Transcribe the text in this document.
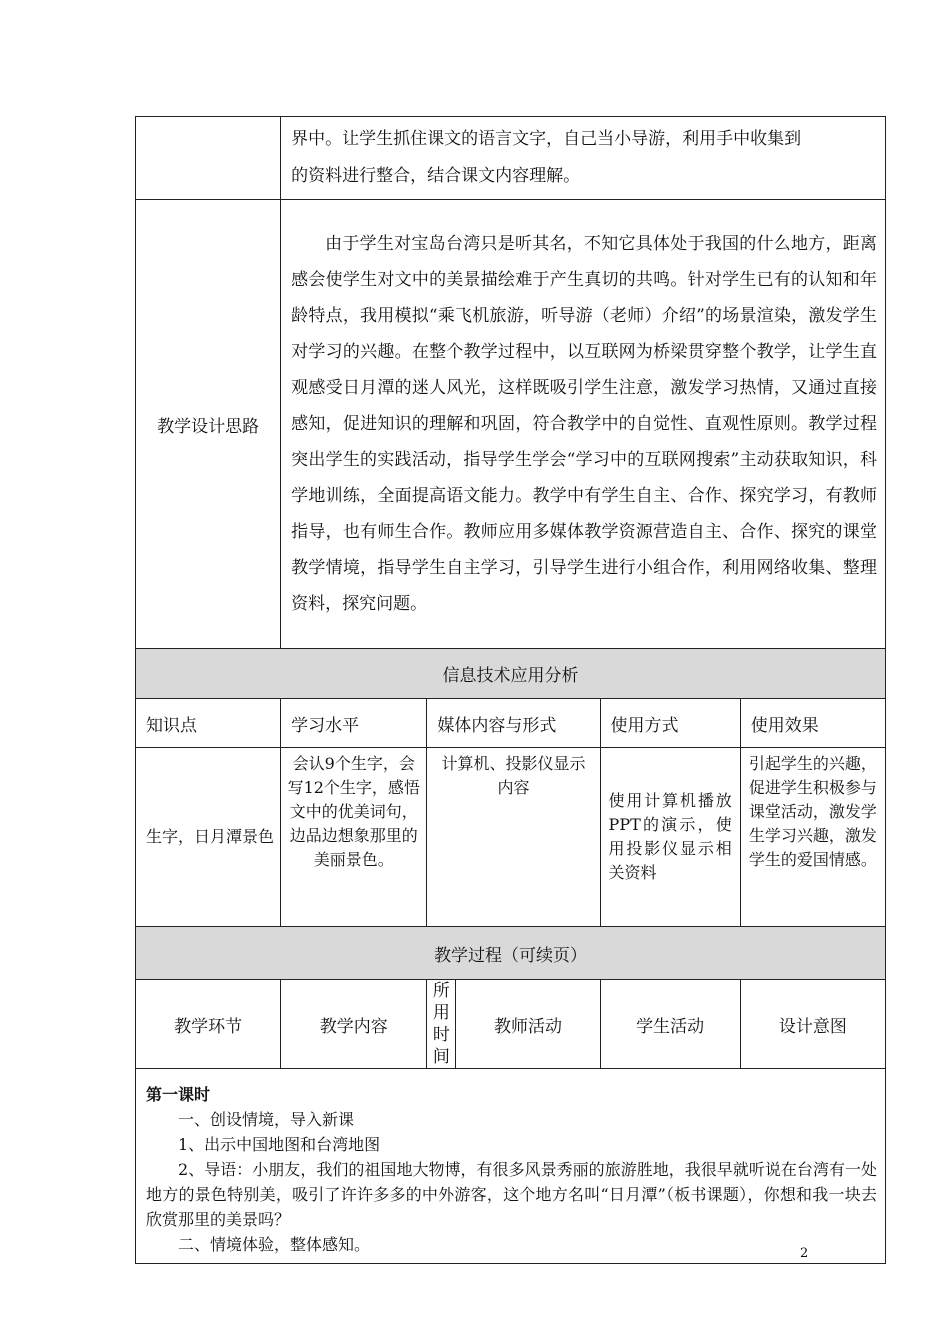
	界中。让学生抓住课文的语言文字，自己当小导游，利用手中收集到

的资料进行整合，结合课文内容理解。				

教学设计思路	由于学生对宝岛台湾只是听其名，不知它具体处于我国的什么地方，距离感会使学生对文中的美景描绘难于产生真切的共鸣。针对学生已有的认知和年龄特点，我用模拟“乘飞机旅游，听导游（老师）介绍”的场景渲染，激发学生对学习的兴趣。在整个教学过程中，以互联网为桥梁贯穿整个教学，让学生直观感受日月潭的迷人风光，这样既吸引学生注意，激发学习热情，又通过直接感知，促进知识的理解和巩固，符合教学中的自觉性、直观性原则。教学过程突出学生的实践活动，指导学生学会“学习中的互联网搜索”主动获取知识，科学地训练，全面提高语文能力。教学中有学生自主、合作、探究学习，有教师指导，也有师生合作。教师应用多媒体教学资源营造自主、合作、探究的课堂教学情境，指导学生自主学习，引导学生进行小组合作，利用网络收集、整理资料，探究问题。				

信息技术应用分析					
知识点	学习水平	媒体内容与形式		使用方式	使用效果
生字，日月潭景色	会认9个生字，会写12个生字，感悟文中的优美词句，边品边想象那里的美丽景色。	计算机、投影仪显示内容		使用计算机播放PPT的演示，使用投影仪显示相关资料	引起学生的兴趣，促进学生积极参与课堂活动，激发学生学习兴趣，激发学生的爱国情感。
教学过程（可续页）					
教学环节	教学内容	所用时间	教师活动	学生活动	设计意图

第一课时

一、创设情境，导入新课

1、出示中国地图和台湾地图

2、导语：小朋友，我们的祖国地大物博，有很多风景秀丽的旅游胜地，我很早就听说在台湾有一处地方的景色特别美，吸引了许许多多的中外游客，这个地方名叫“日月潭”（板书课题），你想和我一块去欣赏那里的美景吗？

二、情境体验，整体感知。						2
